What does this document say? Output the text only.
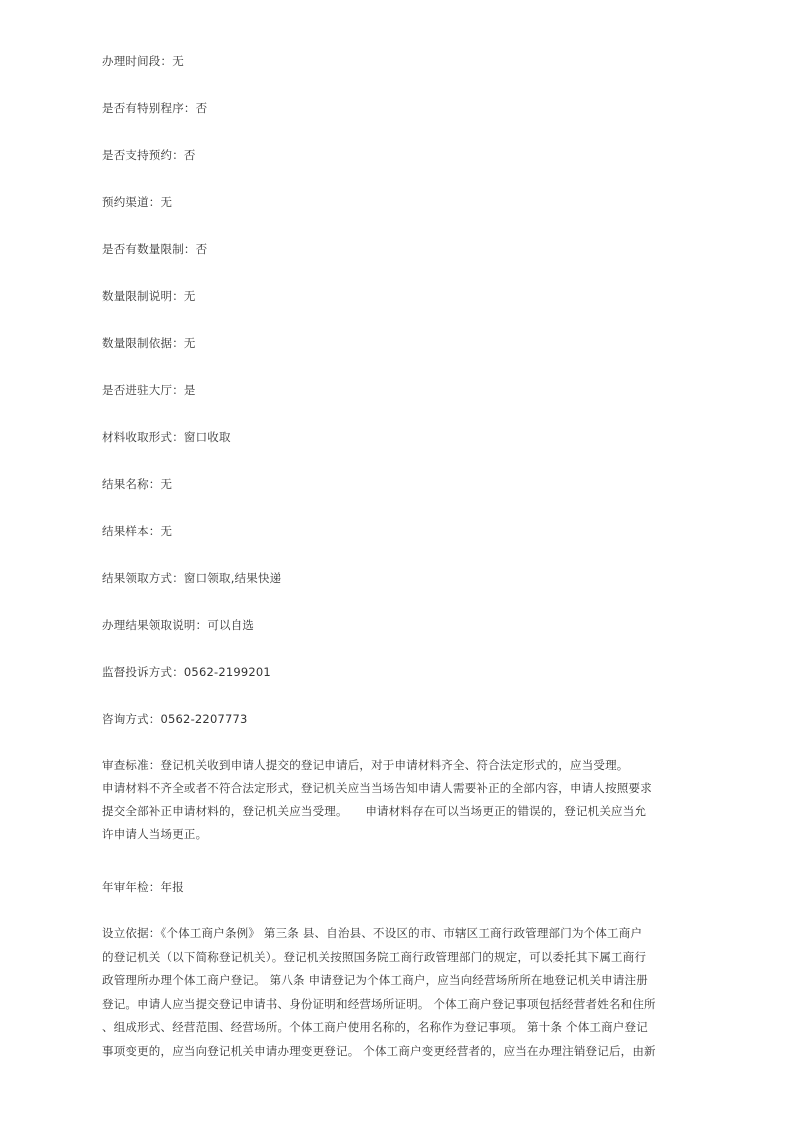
办理时间段：无
是否有特别程序：否
是否支持预约：否
预约渠道：无
是否有数量限制：否
数量限制说明：无
数量限制依据：无
是否进驻大厅：是
材料收取形式：窗口收取
结果名称：无
结果样本：无
结果领取方式：窗口领取,结果快递
办理结果领取说明：可以自选
监督投诉方式：0562-2199201
咨询方式：0562-2207773
审查标准：登记机关收到申请人提交的登记申请后，对于申请材料齐全、符合法定形式的，应当受理。
申请材料不齐全或者不符合法定形式，登记机关应当当场告知申请人需要补正的全部内容，申请人按照要求
提交全部补正申请材料的，登记机关应当受理。　　申请材料存在可以当场更正的错误的，登记机关应当允
许申请人当场更正。
年审年检：年报
设立依据：《个体工商户条例》 第三条 县、自治县、不设区的市、市辖区工商行政管理部门为个体工商户
的登记机关（以下简称登记机关）。登记机关按照国务院工商行政管理部门的规定，可以委托其下属工商行
政管理所办理个体工商户登记。 第八条 申请登记为个体工商户，应当向经营场所所在地登记机关申请注册
登记。申请人应当提交登记申请书、身份证明和经营场所证明。 个体工商户登记事项包括经营者姓名和住所
、组成形式、经营范围、经营场所。个体工商户使用名称的，名称作为登记事项。 第十条 个体工商户登记
事项变更的，应当向登记机关申请办理变更登记。 个体工商户变更经营者的，应当在办理注销登记后，由新
